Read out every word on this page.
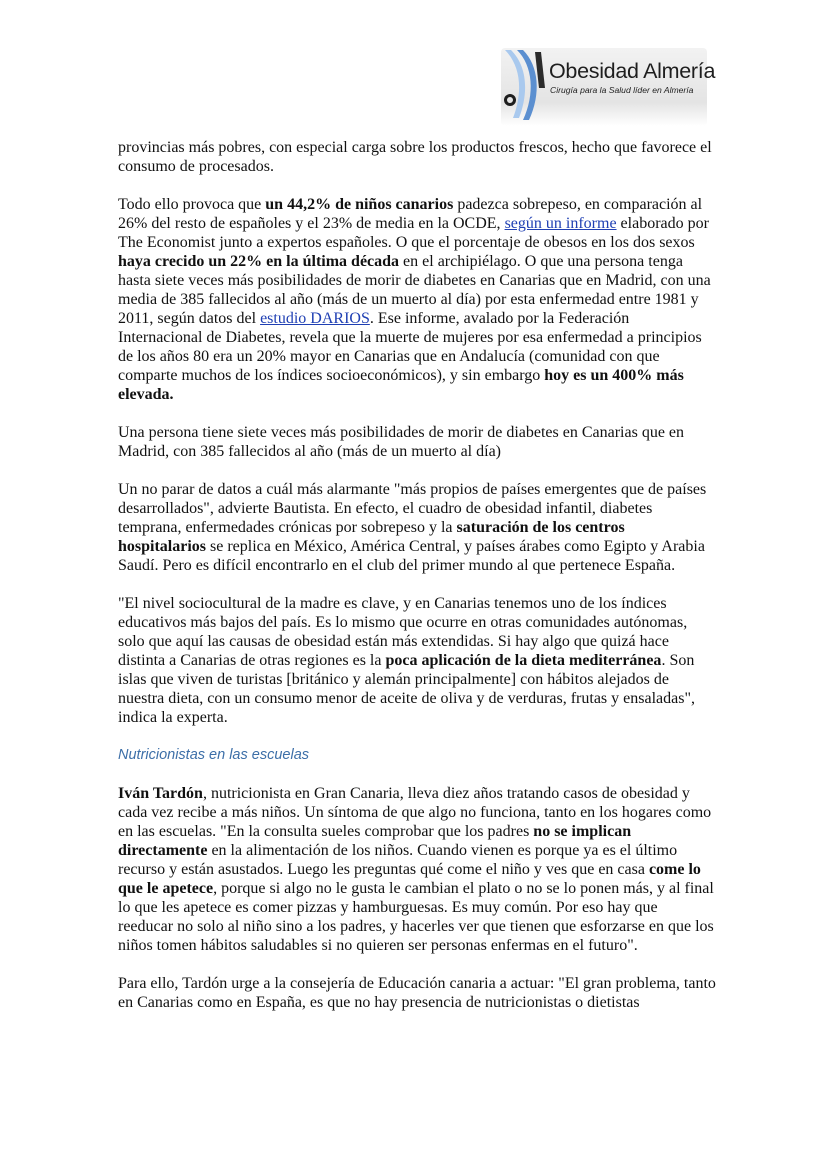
Obesidad Almería
Cirugía para la Salud líder en Almería

provincias más pobres, con especial carga sobre los productos frescos, hecho que favorece el consumo de procesados.

Todo ello provoca que un 44,2% de niños canarios padezca sobrepeso, en comparación al 26% del resto de españoles y el 23% de media en la OCDE, según un informe elaborado por The Economist junto a expertos españoles. O que el porcentaje de obesos en los dos sexos haya crecido un 22% en la última década en el archipiélago. O que una persona tenga hasta siete veces más posibilidades de morir de diabetes en Canarias que en Madrid, con una media de 385 fallecidos al año (más de un muerto al día) por esta enfermedad entre 1981 y 2011, según datos del estudio DARIOS. Ese informe, avalado por la Federación Internacional de Diabetes, revela que la muerte de mujeres por esa enfermedad a principios de los años 80 era un 20% mayor en Canarias que en Andalucía (comunidad con que comparte muchos de los índices socioeconómicos), y sin embargo hoy es un 400% más elevada.

Una persona tiene siete veces más posibilidades de morir de diabetes en Canarias que en Madrid, con 385 fallecidos al año (más de un muerto al día)

Un no parar de datos a cuál más alarmante "más propios de países emergentes que de países desarrollados", advierte Bautista. En efecto, el cuadro de obesidad infantil, diabetes temprana, enfermedades crónicas por sobrepeso y la saturación de los centros hospitalarios se replica en México, América Central, y países árabes como Egipto y Arabia Saudí. Pero es difícil encontrarlo en el club del primer mundo al que pertenece España.

"El nivel sociocultural de la madre es clave, y en Canarias tenemos uno de los índices educativos más bajos del país. Es lo mismo que ocurre en otras comunidades autónomas, solo que aquí las causas de obesidad están más extendidas. Si hay algo que quizá hace distinta a Canarias de otras regiones es la poca aplicación de la dieta mediterránea. Son islas que viven de turistas [británico y alemán principalmente] con hábitos alejados de nuestra dieta, con un consumo menor de aceite de oliva y de verduras, frutas y ensaladas", indica la experta.

Nutricionistas en las escuelas

Iván Tardón, nutricionista en Gran Canaria, lleva diez años tratando casos de obesidad y cada vez recibe a más niños. Un síntoma de que algo no funciona, tanto en los hogares como en las escuelas. "En la consulta sueles comprobar que los padres no se implican directamente en la alimentación de los niños. Cuando vienen es porque ya es el último recurso y están asustados. Luego les preguntas qué come el niño y ves que en casa come lo que le apetece, porque si algo no le gusta le cambian el plato o no se lo ponen más, y al final lo que les apetece es comer pizzas y hamburguesas. Es muy común. Por eso hay que reeducar no solo al niño sino a los padres, y hacerles ver que tienen que esforzarse en que los niños tomen hábitos saludables si no quieren ser personas enfermas en el futuro".

Para ello, Tardón urge a la consejería de Educación canaria a actuar: "El gran problema, tanto en Canarias como en España, es que no hay presencia de nutricionistas o dietistas
